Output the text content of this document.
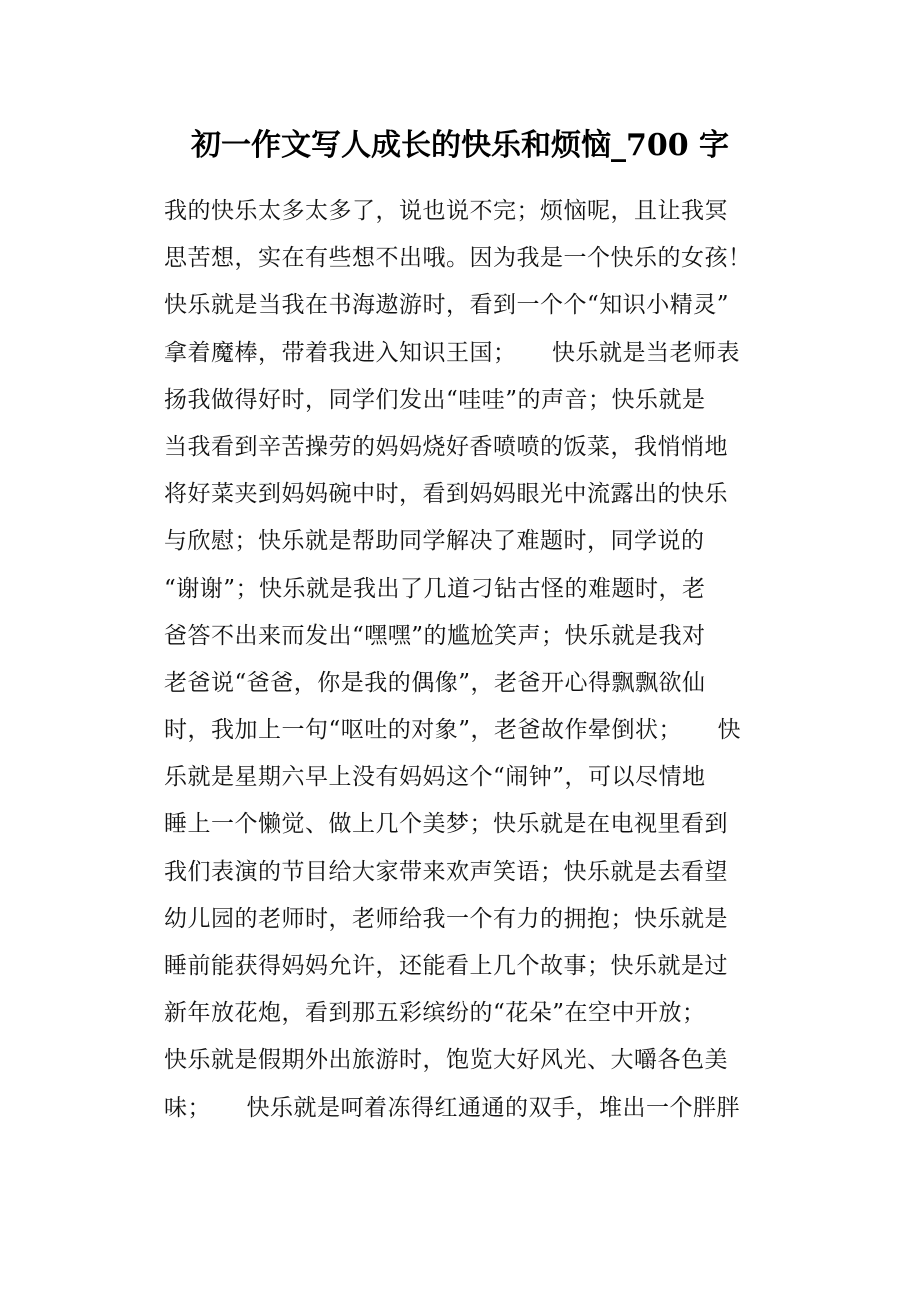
初一作文写人成长的快乐和烦恼_700 字
我的快乐太多太多了，说也说不完；烦恼呢，且让我冥
思苦想，实在有些想不出哦。因为我是一个快乐的女孩！
快乐就是当我在书海遨游时，看到一个个“知识小精灵”
拿着魔棒，带着我进入知识王国；　　快乐就是当老师表
扬我做得好时，同学们发出“哇哇”的声音；快乐就是
当我看到辛苦操劳的妈妈烧好香喷喷的饭菜，我悄悄地
将好菜夹到妈妈碗中时，看到妈妈眼光中流露出的快乐
与欣慰；快乐就是帮助同学解决了难题时，同学说的
“谢谢”；快乐就是我出了几道刁钻古怪的难题时，老
爸答不出来而发出“嘿嘿”的尴尬笑声；快乐就是我对
老爸说“爸爸，你是我的偶像”，老爸开心得飘飘欲仙
时，我加上一句“呕吐的对象”，老爸故作晕倒状；　　快
乐就是星期六早上没有妈妈这个“闹钟”，可以尽情地
睡上一个懒觉、做上几个美梦；快乐就是在电视里看到
我们表演的节目给大家带来欢声笑语；快乐就是去看望
幼儿园的老师时，老师给我一个有力的拥抱；快乐就是
睡前能获得妈妈允许，还能看上几个故事；快乐就是过
新年放花炮，看到那五彩缤纷的“花朵”在空中开放；
快乐就是假期外出旅游时，饱览大好风光、大嚼各色美
味；　　快乐就是呵着冻得红通通的双手，堆出一个胖胖
